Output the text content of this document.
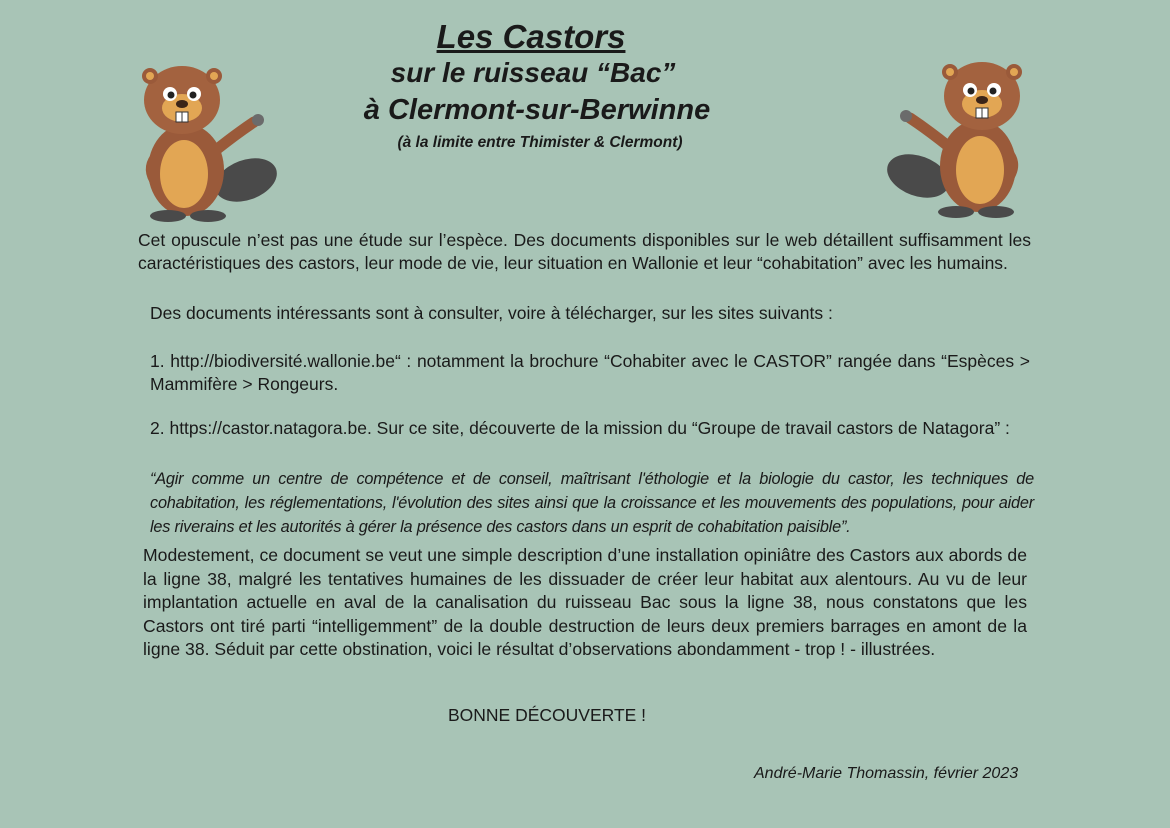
Les Castors
sur le ruisseau “Bac”
à Clermont-sur-Berwinne
(à la limite entre Thimister & Clermont)
Cet opuscule n’est pas une étude sur l’espèce. Des documents disponibles sur le web détaillent suffisamment les caractéristiques des castors, leur mode de vie, leur situation en Wallonie et leur “cohabitation” avec les humains.
Des documents intéressants sont à consulter, voire à télécharger, sur les sites suivants :
1. http://biodiversité.wallonie.be“ : notamment la brochure “Cohabiter avec le CASTOR” rangée dans “Espèces > Mammifère > Rongeurs.
2. https://castor.natagora.be. Sur ce site, découverte de la mission du “Groupe de travail castors de Natagora” :
“Agir comme un centre de compétence et de conseil, maîtrisant l'éthologie et la biologie du castor, les techniques de cohabitation, les réglementations, l'évolution des sites ainsi que la croissance et les mouvements des populations, pour aider les riverains et les autorités à gérer la présence des castors dans un esprit de cohabitation paisible”.
Modestement, ce document se veut une simple description d’une installation opiniâtre des Castors aux abords de la ligne 38, malgré les tentatives humaines de les dissuader de créer leur habitat aux alentours. Au vu de leur implantation actuelle en aval de la canalisation du ruisseau Bac sous la ligne 38, nous constatons que les Castors ont tiré parti “intelligemment” de la double destruction de leurs deux premiers barrages en amont de la ligne 38. Séduit par cette obstination, voici le résultat d’observations abondamment - trop ! - illustrées.
BONNE DÉCOUVERTE !
André-Marie Thomassin, février 2023
